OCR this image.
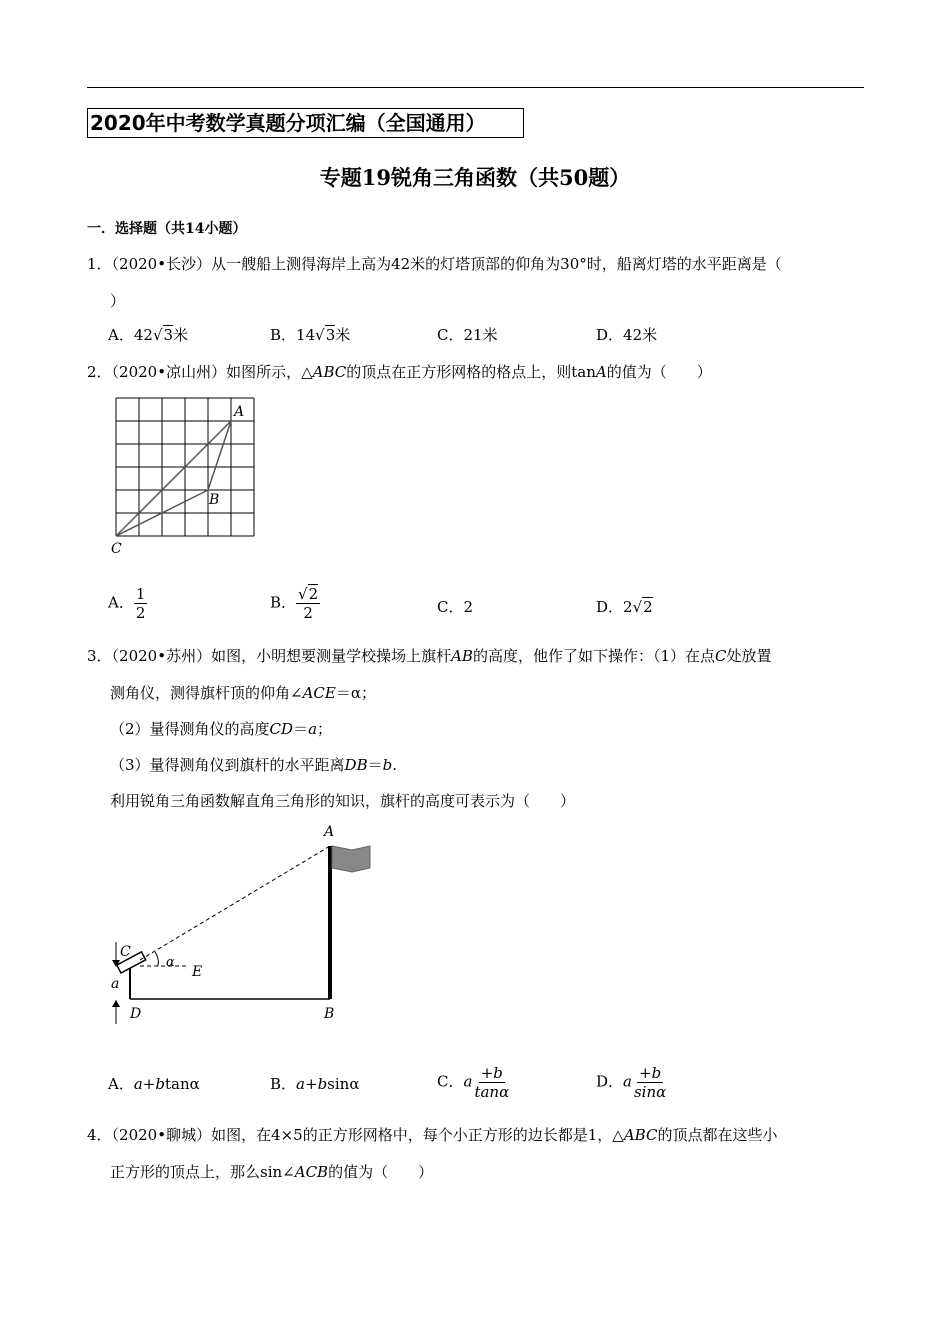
2020年中考数学真题分项汇编（全国通用）
专题19锐角三角函数（共50题）
一．选择题（共14小题）
1．（2020•长沙）从一艘船上测得海岸上高为42米的灯塔顶部的仰角为30°时，船离灯塔的水平距离是（
）
A．42√3米	B．14√3米	C．21米	D．42米
2．（2020•凉山州）如图所示，△ABC的顶点在正方形网格的格点上，则tanA的值为（　　）
A
B
C
A． $\frac{1}{2}$	B． $\frac{√2}{2}$	C．2	D．2√2
3．（2020•苏州）如图，小明想要测量学校操场上旗杆AB的高度，他作了如下操作：（1）在点C处放置
测角仪，测得旗杆顶的仰角∠ACE＝α；
（2）量得测角仪的高度CD＝a；
（3）量得测角仪到旗杆的水平距离DB＝b.
利用锐角三角函数解直角三角形的知识，旗杆的高度可表示为（　　）
A
B
C
D
E
α
a
A．a+btanα	B．a+bsinα	C．a $\frac{+b}{\tan\alpha}$	D．a $\frac{+b}{\sin\alpha}$
4．（2020•聊城）如图，在4×5的正方形网格中，每个小正方形的边长都是1，△ABC的顶点都在这些小
正方形的顶点上，那么sin∠ACB的值为（　　）
